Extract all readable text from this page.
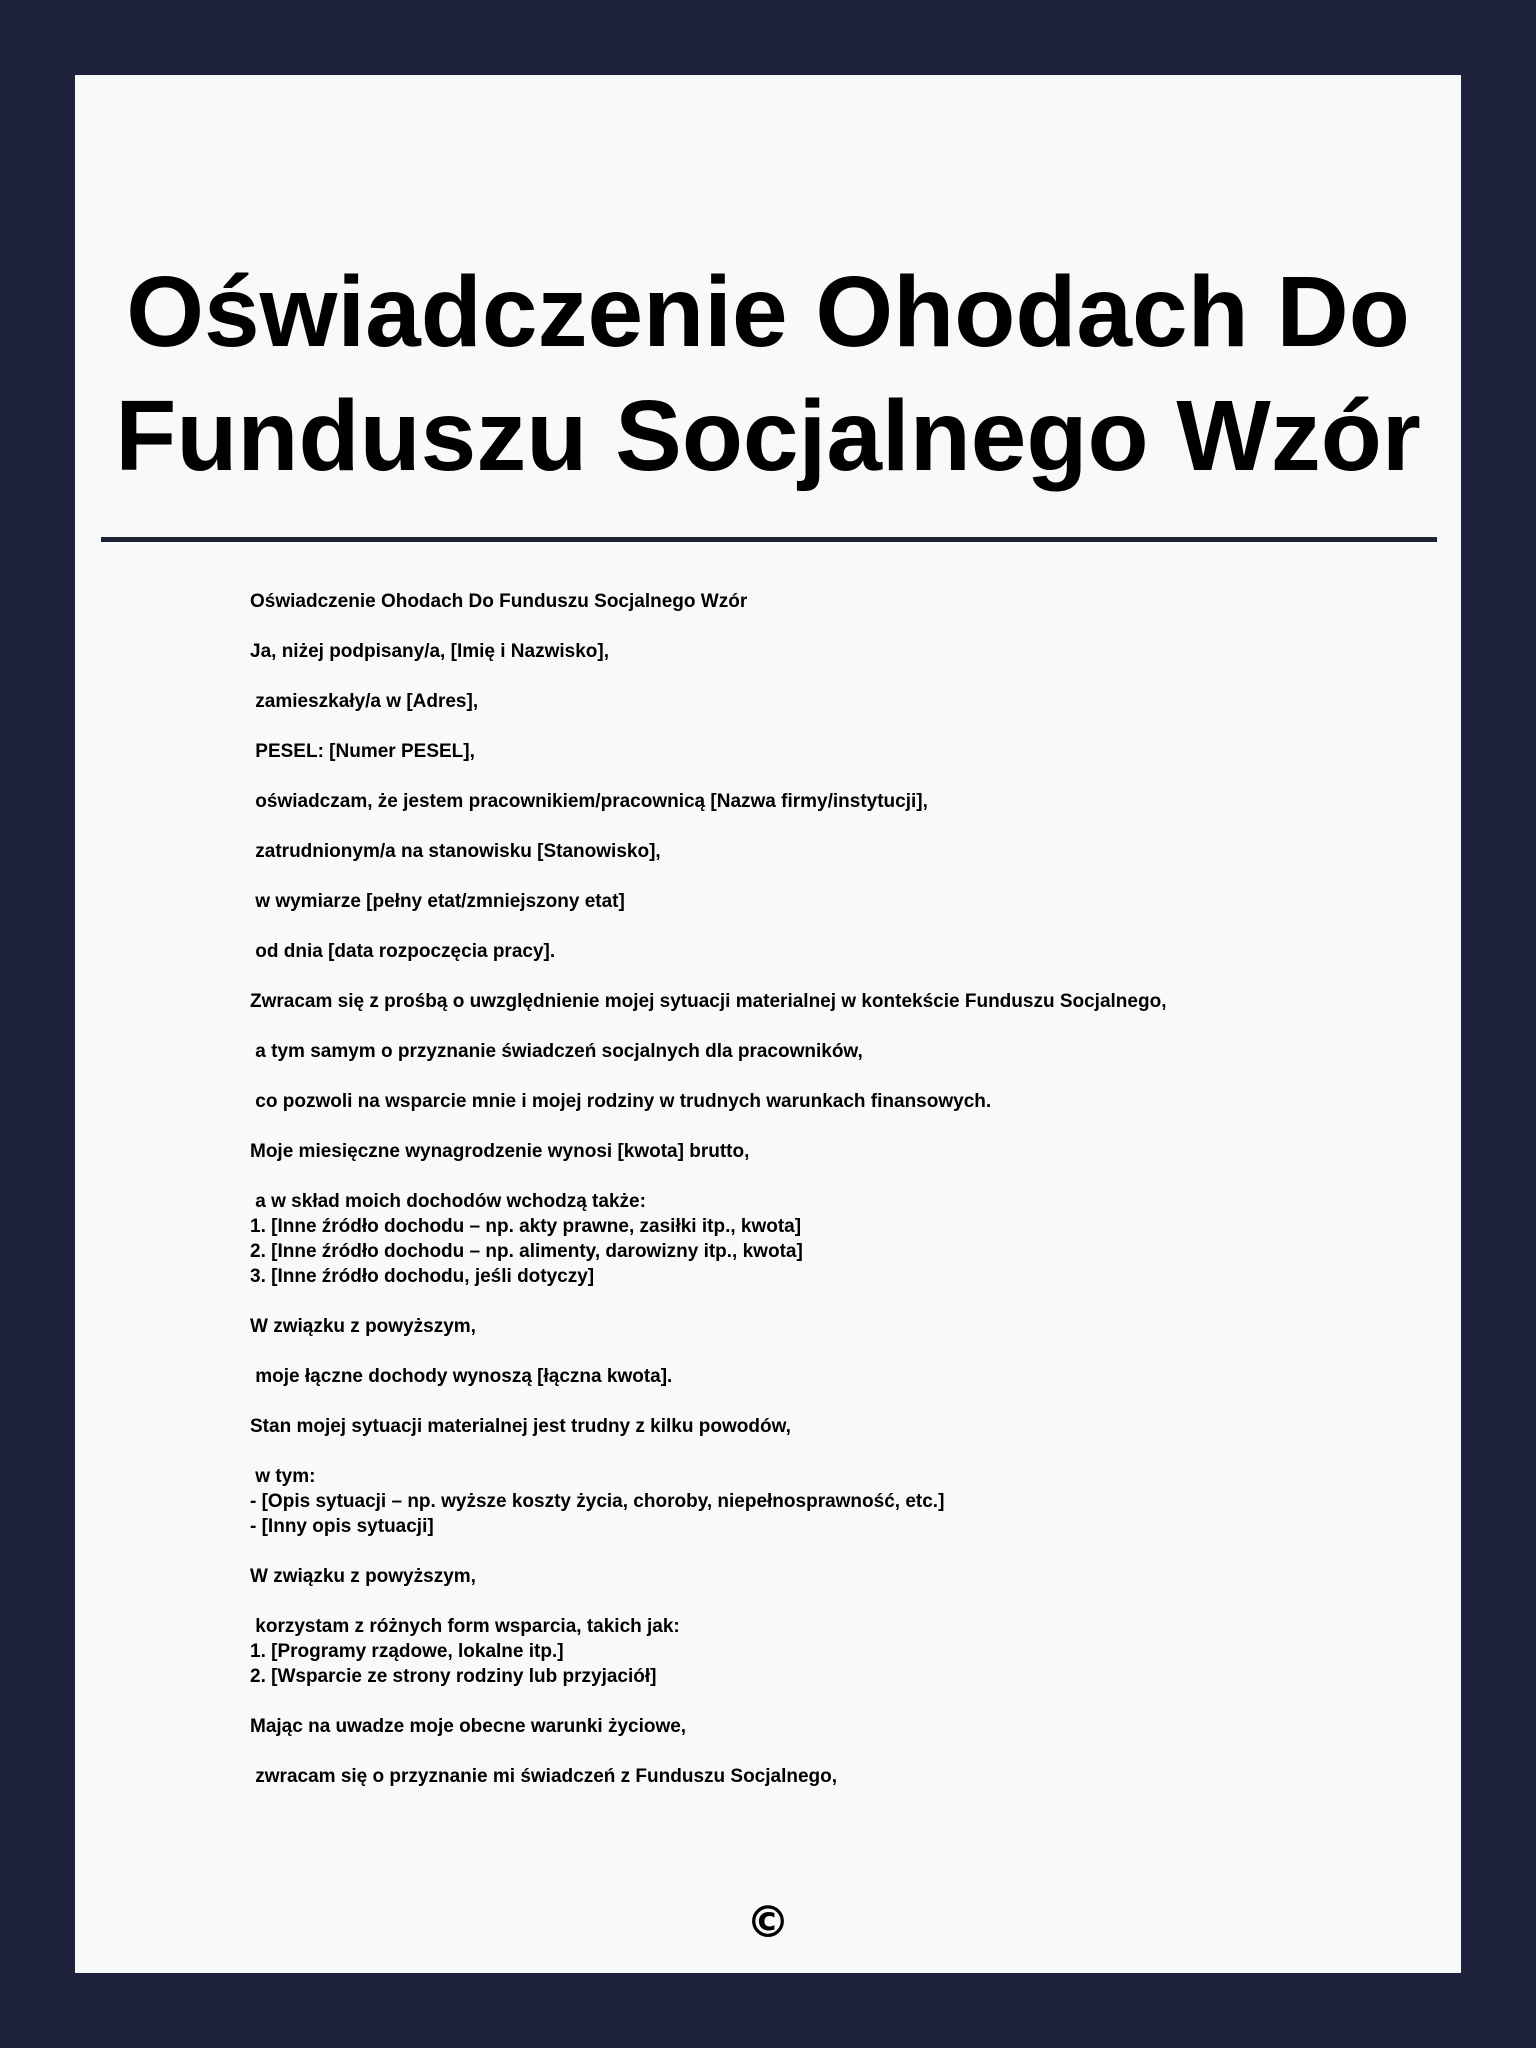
Oświadczenie Ohodach Do Funduszu Socjalnego Wzór
Oświadczenie Ohodach Do Funduszu Socjalnego Wzór

Ja, niżej podpisany/a, [Imię i Nazwisko],

zamieszkały/a w [Adres],

PESEL: [Numer PESEL],

oświadczam, że jestem pracownikiem/pracownicą [Nazwa firmy/instytucji],

zatrudnionym/a na stanowisku [Stanowisko],

w wymiarze [pełny etat/zmniejszony etat]

od dnia [data rozpoczęcia pracy].

Zwracam się z prośbą o uwzględnienie mojej sytuacji materialnej w kontekście Funduszu Socjalnego,

a tym samym o przyznanie świadczeń socjalnych dla pracowników,

co pozwoli na wsparcie mnie i mojej rodziny w trudnych warunkach finansowych.

Moje miesięczne wynagrodzenie wynosi [kwota] brutto,

a w skład moich dochodów wchodzą także:
1. [Inne źródło dochodu – np. akty prawne, zasiłki itp., kwota]
2. [Inne źródło dochodu – np. alimenty, darowizny itp., kwota]
3. [Inne źródło dochodu, jeśli dotyczy]

W związku z powyższym,

moje łączne dochody wynoszą [łączna kwota].

Stan mojej sytuacji materialnej jest trudny z kilku powodów,

w tym:
- [Opis sytuacji – np. wyższe koszty życia, choroby, niepełnosprawność, etc.]
- [Inny opis sytuacji]

W związku z powyższym,

korzystam z różnych form wsparcia, takich jak:
1. [Programy rządowe, lokalne itp.]
2. [Wsparcie ze strony rodziny lub przyjaciół]

Mając na uwadze moje obecne warunki życiowe,

zwracam się o przyznanie mi świadczeń z Funduszu Socjalnego,
©
